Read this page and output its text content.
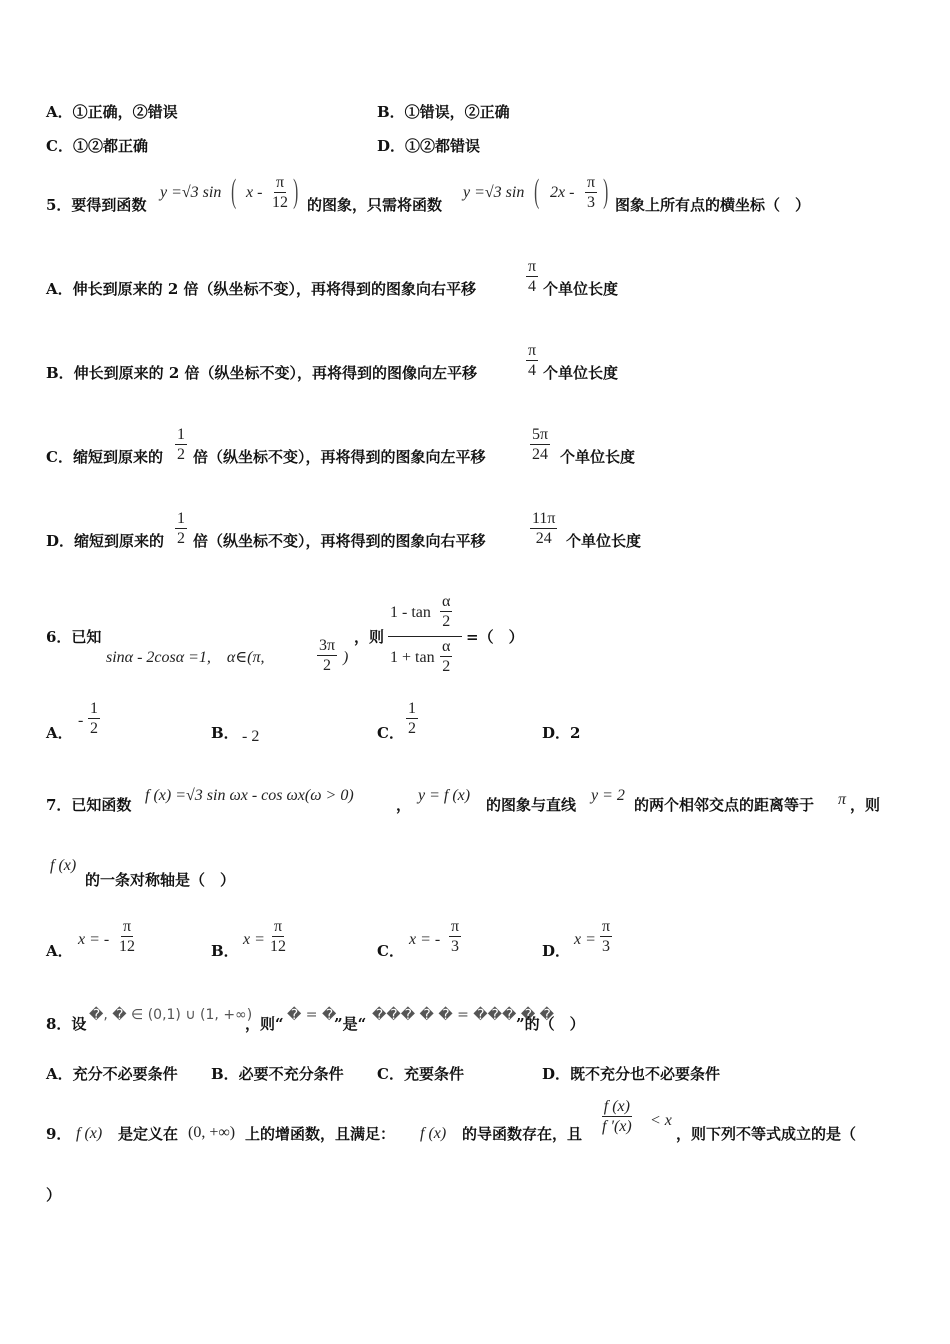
A．①正确，②错误	B．①错误，②正确
C．①②都正确	D．①②都错误
5．要得到函数
y =√3 sin ( x - $\frac{\pi}{12}$ ) 的图象，只需将函数
y =√3 sin ( $2x - \frac{\pi}{3}$ ) 图象上所有点的横坐标（　）
A．伸长到原来的 2 倍（纵坐标不变），再将得到的图象向右平移	$\frac{\pi}{4}$ 个单位长度
B．伸长到原来的 2 倍（纵坐标不变），再将得到的图像向左平移	$\frac{\pi}{4}$ 个单位长度
C．缩短到原来的 $\frac{1}{2}$ 倍（纵坐标不变），再将得到的图象向左平移	$\frac{5\pi}{24}$ 个单位长度
D．缩短到原来的 $\frac{1}{2}$ 倍（纵坐标不变），再将得到的图象向右平移	$\frac{11\pi}{24}$ 个单位长度
6．已知
sinα - 2cosα =1,　α∈(π,	$\frac{3\pi}{2}$ )
，则
$1 - \tan \frac{\alpha}{2}$
$1 + \tan \frac{\alpha}{2}$
=（　）
A．
- $\frac{1}{2}$	B． - 2	C． $\frac{1}{2}$	D．2
7．已知函数
f (x) =√3 sin ωx - cos ωx(ω > 0)
，
y = f (x)
的图象与直线
y = 2
的两个相邻交点的距离等于 π ，则
f (x)
的一条对称轴是（　）
A．
x = - $\frac{\pi}{12}$	B．
$x = \frac{\pi}{12}$	C．
x = - $\frac{\pi}{3}$	D．
$x = \frac{\pi}{3}$
8．设 �, � ∈ (0,1) ∪ (1, +∞)
，则“ � = �
”是“ ��� � � = ��� � �
”的（　）
A．充分不必要条件 B．必要不充分条件 C．充要条件	D．既不充分也不必要条件
9． f (x) 是定义在 (0, +∞) 上的增函数，且满足： f (x) 的导函数存在，且 $\frac{f (x)}{f '(x)} < x$
，则下列不等式成立的是（
）
